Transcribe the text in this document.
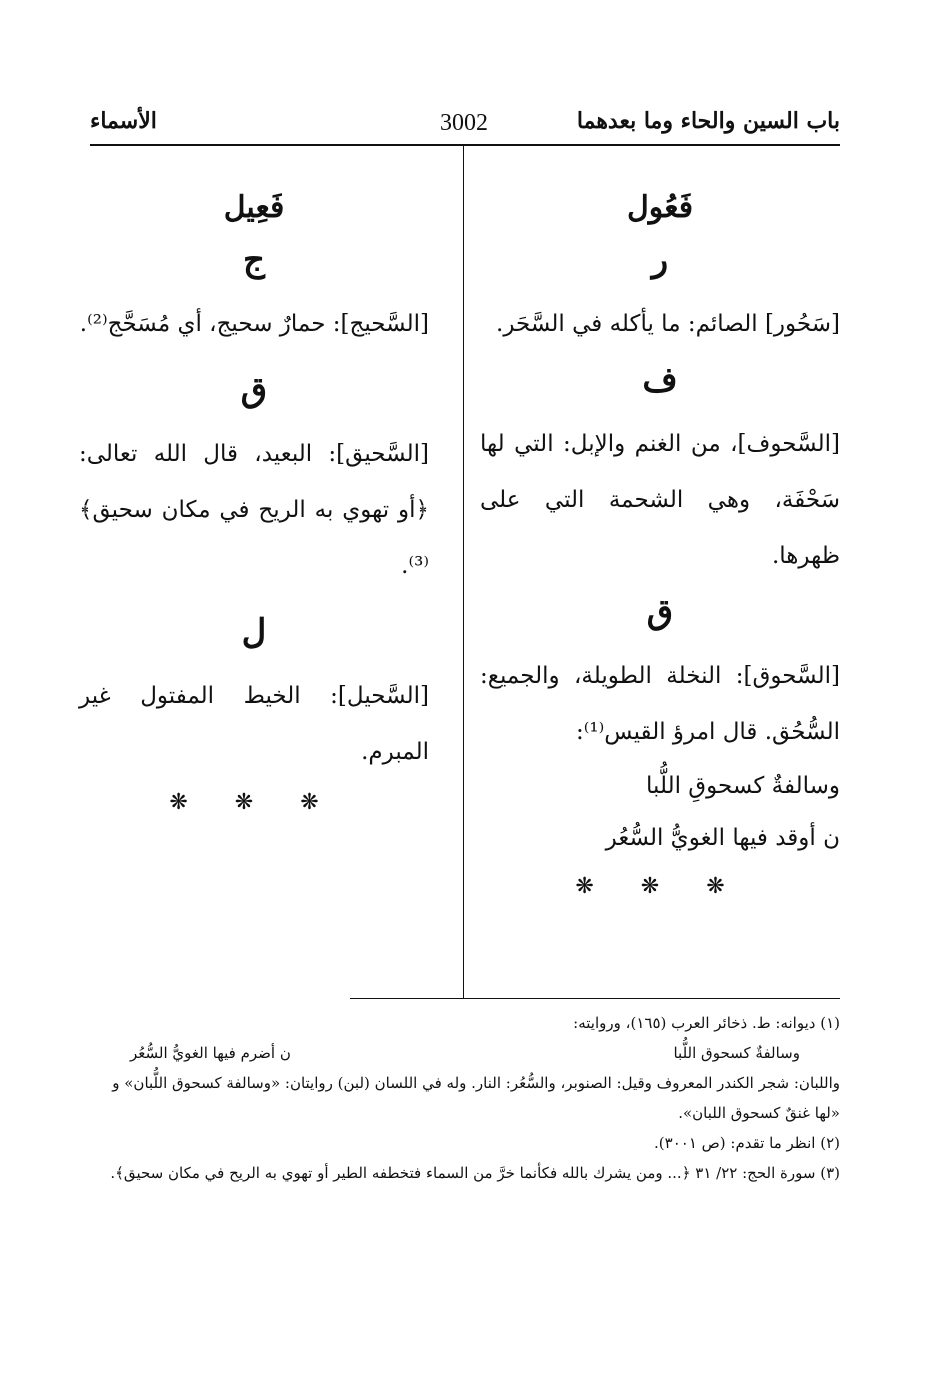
باب السين والحاء وما بعدهما
3002
الأسماء
فَعُول
ر

[سَحُور] الصائم: ما يأكله في السَّحَر.

ف

[السَّحوف]، من الغنم والإبل: التي لها سَحْفَة، وهي الشحمة التي على ظهرها.

ق

[السَّحوق]: النخلة الطويلة، والجميع: السُّحُق. قال امرؤ القيس⁽¹⁾:

وسالفةٌ كسحوقِ اللُّبا

ن أوقد فيها الغويُّ السُّعُر

❋ ❋ ❋
فَعِيل
ج

[السَّحيج]: حمارٌ سحيج، أي مُسَحَّج⁽²⁾.

ق

[السَّحيق]: البعيد، قال الله تعالى: ﴿أو تهوي به الريح في مكان سحيق﴾⁽³⁾.

ل

[السَّحيل]: الخيط المفتول غير المبرم.

❋ ❋ ❋

(١) ديوانه: ط. ذخائر العرب (١٦٥)، وروايته:

وسالفةٌ كسحوق اللُّبا
ن أضرم فيها الغويُّ السُّعُر

واللبان: شجر الكندر المعروف وقيل: الصنوبر، والسُّعُر: النار. وله في اللسان (لبن) روايتان: «وسالفة كسحوق اللُّبان» و «لها غنقٌ كسحوق اللبان».

(٢) انظر ما تقدم: (ص ٣٠٠١).

(٣) سورة الحج: ٢٢/ ٣١ ﴿... ومن يشرك بالله فكأنما خرَّ من السماء فتخطفه الطير أو تهوي به الريح في مكان سحيق﴾.
